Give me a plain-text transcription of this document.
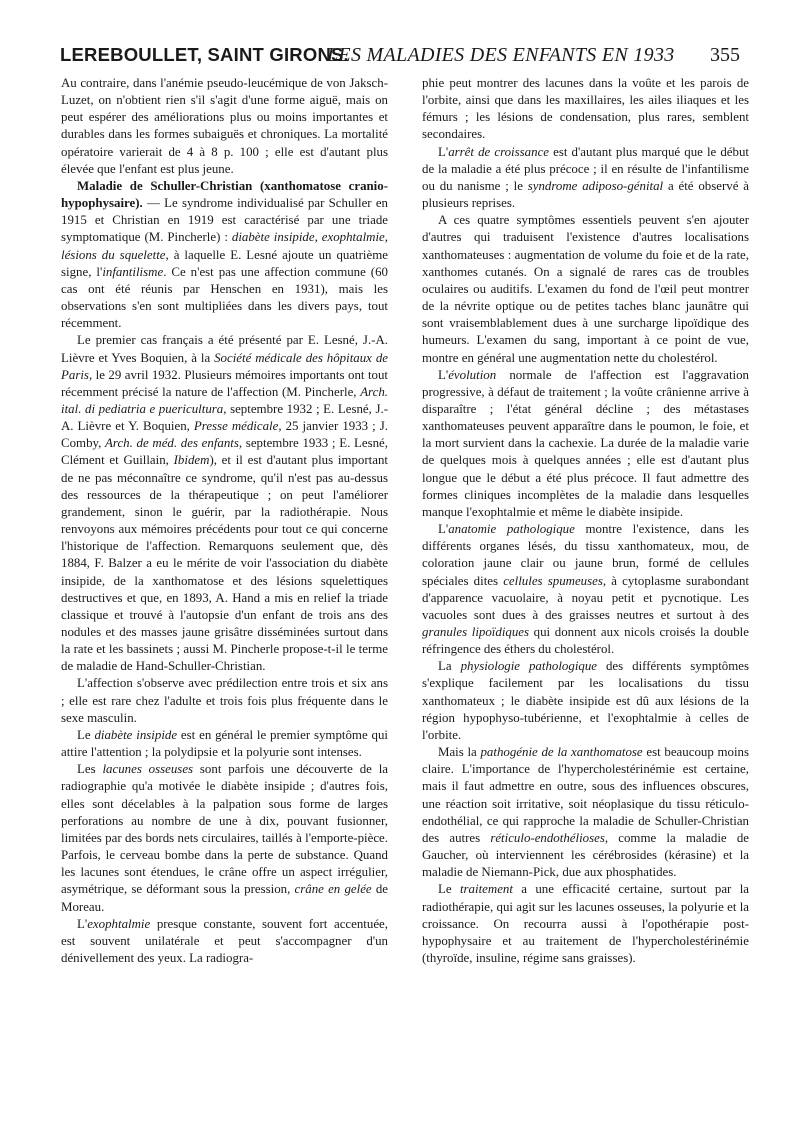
LEREBOULLET, SAINT GIRONS.
LES MALADIES DES ENFANTS EN 1933 355

Au contraire, dans l'anémie pseudo-leucémique de von Jaksch-Luzet, on n'obtient rien s'il s'agit d'une forme aiguë, mais on peut espérer des améliorations plus ou moins importantes et durables dans les formes subaiguës et chroniques. La mortalité opératoire varierait de 4 à 8 p. 100 ; elle est d'autant plus élevée que l'enfant est plus jeune.

Maladie de Schuller-Christian (xanthomatose cranio-hypophysaire). — Le syndrome individualisé par Schuller en 1915 et Christian en 1919 est caractérisé par une triade symptomatique (M. Pincherle) : diabète insipide, exophtalmie, lésions du squelette, à laquelle E. Lesné ajoute un quatrième signe, l'infantilisme. Ce n'est pas une affection commune (60 cas ont été réunis par Henschen en 1931), mais les observations s'en sont multipliées dans les divers pays, tout récemment.

Le premier cas français a été présenté par E. Lesné, J.-A. Lièvre et Yves Boquien, à la Société médicale des hôpitaux de Paris, le 29 avril 1932. Plusieurs mémoires importants ont tout récemment précisé la nature de l'affection (M. Pincherle, Arch. ital. di pediatria e puericultura, septembre 1932 ; E. Lesné, J.-A. Lièvre et Y. Boquien, Presse médicale, 25 janvier 1933 ; J. Comby, Arch. de méd. des enfants, septembre 1933 ; E. Lesné, Clément et Guillain, Ibidem), et il est d'autant plus important de ne pas méconnaître ce syndrome, qu'il n'est pas au-dessus des ressources de la thérapeutique ; on peut l'améliorer grandement, sinon le guérir, par la radiothérapie. Nous renvoyons aux mémoires précédents pour tout ce qui concerne l'historique de l'affection. Remarquons seulement que, dès 1884, F. Balzer a eu le mérite de voir l'association du diabète insipide, de la xanthomatose et des lésions squelettiques destructives et que, en 1893, A. Hand a mis en relief la triade classique et trouvé à l'autopsie d'un enfant de trois ans des nodules et des masses jaune grisâtre disséminées surtout dans la rate et les bassinets ; aussi M. Pincherle propose-t-il le terme de maladie de Hand-Schuller-Christian.

L'affection s'observe avec prédilection entre trois et six ans ; elle est rare chez l'adulte et trois fois plus fréquente dans le sexe masculin.

Le diabète insipide est en général le premier symptôme qui attire l'attention ; la polydipsie et la polyurie sont intenses.

Les lacunes osseuses sont parfois une découverte de la radiographie qu'a motivée le diabète insipide ; d'autres fois, elles sont décelables à la palpation sous forme de larges perforations au nombre de une à dix, pouvant fusionner, limitées par des bords nets circulaires, taillés à l'emporte-pièce. Parfois, le cerveau bombe dans la perte de substance. Quand les lacunes sont étendues, le crâne offre un aspect irrégulier, asymétrique, se déformant sous la pression, crâne en gelée de Moreau.

L'exophtalmie presque constante, souvent fort accentuée, est souvent unilatérale et peut s'accompagner d'un dénivellement des yeux. La radiogra-

phie peut montrer des lacunes dans la voûte et les parois de l'orbite, ainsi que dans les maxillaires, les ailes iliaques et les fémurs ; les lésions de condensation, plus rares, semblent secondaires.

L'arrêt de croissance est d'autant plus marqué que le début de la maladie a été plus précoce ; il en résulte de l'infantilisme ou du nanisme ; le syndrome adiposo-génital a été observé à plusieurs reprises.

A ces quatre symptômes essentiels peuvent s'en ajouter d'autres qui traduisent l'existence d'autres localisations xanthomateuses : augmentation de volume du foie et de la rate, xanthomes cutanés. On a signalé de rares cas de troubles oculaires ou auditifs. L'examen du fond de l'œil peut montrer de la névrite optique ou de petites taches blanc jaunâtre qui sont vraisemblablement dues à une surcharge lipoïdique des humeurs. L'examen du sang, important à ce point de vue, montre en général une augmentation nette du cholestérol.

L'évolution normale de l'affection est l'aggravation progressive, à défaut de traitement ; la voûte crânienne arrive à disparaître ; l'état général décline ; des métastases xanthomateuses peuvent apparaître dans le poumon, le foie, et la mort survient dans la cachexie. La durée de la maladie varie de quelques mois à quelques années ; elle est d'autant plus longue que le début a été plus précoce. Il faut admettre des formes cliniques incomplètes de la maladie dans lesquelles manque l'exophtalmie et même le diabète insipide.

L'anatomie pathologique montre l'existence, dans les différents organes lésés, du tissu xanthomateux, mou, de coloration jaune clair ou jaune brun, formé de cellules spéciales dites cellules spumeuses, à cytoplasme surabondant d'apparence vacuolaire, à noyau petit et pycnotique. Les vacuoles sont dues à des graisses neutres et surtout à des granules lipoïdiques qui donnent aux nicols croisés la double réfringence des éthers du cholestérol.

La physiologie pathologique des différents symptômes s'explique facilement par les localisations du tissu xanthomateux ; le diabète insipide est dû aux lésions de la région hypophyso-tubérienne, et l'exophtalmie à celles de l'orbite.

Mais la pathogénie de la xanthomatose est beaucoup moins claire. L'importance de l'hypercholestérinémie est certaine, mais il faut admettre en outre, sous des influences obscures, une réaction soit irritative, soit néoplasique du tissu réticulo-endothélial, ce qui rapproche la maladie de Schuller-Christian des autres réticulo-endothélioses, comme la maladie de Gaucher, où interviennent les cérébrosides (kérasine) et la maladie de Niemann-Pick, due aux phosphatides.

Le traitement a une efficacité certaine, surtout par la radiothérapie, qui agit sur les lacunes osseuses, la polyurie et la croissance. On recourra aussi à l'opothérapie post-hypophysaire et au traitement de l'hypercholestérinémie (thyroïde, insuline, régime sans graisses).
